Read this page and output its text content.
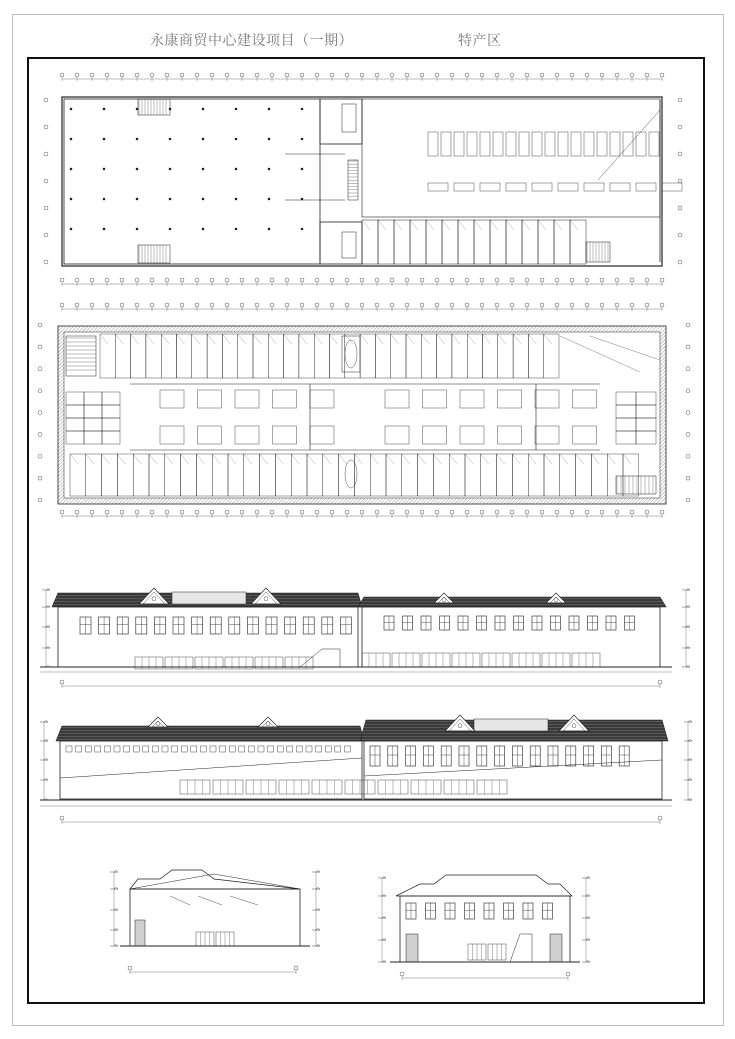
永康商贸中心建设项目（一期）	特产区
